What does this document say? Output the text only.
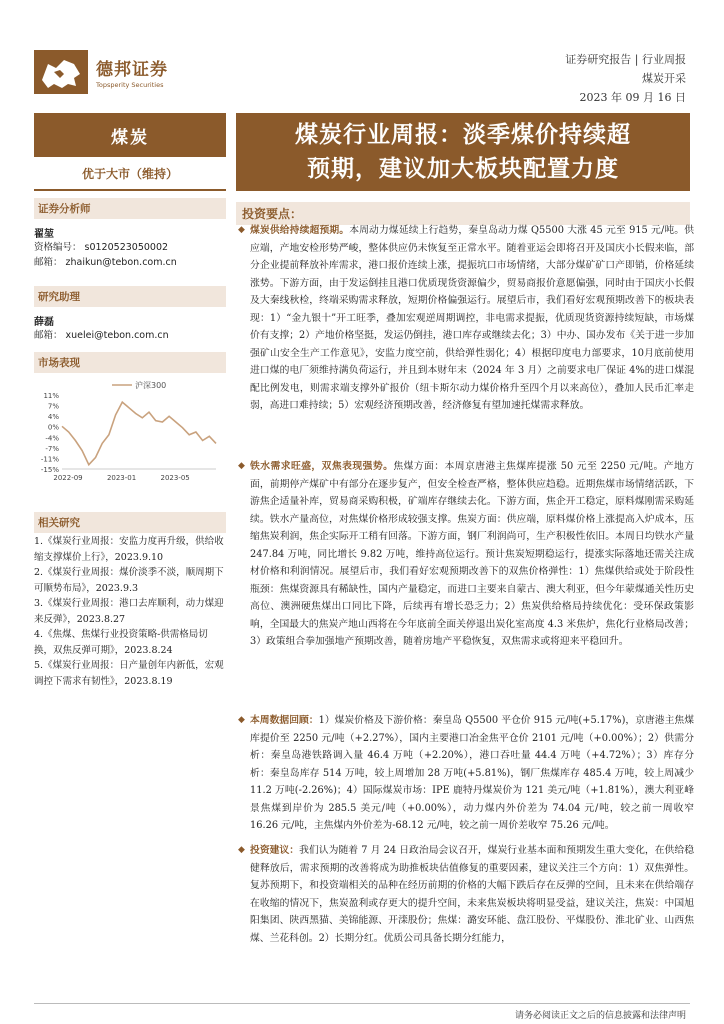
德邦证券
Topsperity Securities
证券研究报告 | 行业周报
煤炭开采
2023 年 09 月 16 日
煤炭
优于大市（维持）
证券分析师
翟堃
资格编号： s0120523050002
邮箱： zhaikun@tebon.com.cn
研究助理
薛磊
邮箱： xuelei@tebon.com.cn
市场表现
11%
7%
4%
0%
-4%
-7%
-11%
-15%
2022-09	2023-01	2023-05
沪深300
相关研究
1.《煤炭行业周报：安监力度再升级，供给收缩支撑煤价上行》，2023.9.10
2.《煤炭行业周报：煤价淡季不淡，顺周期下可顺势布局》，2023.9.3
3.《煤炭行业周报：港口去库顺利，动力煤迎来反弹》，2023.8.27
4.《焦煤、焦煤行业投资策略-供需格局切换，双焦反弹可期》，2023.8.24
5.《煤炭行业周报：日产量创年内新低，宏观调控下需求有韧性》，2023.8.19
煤炭行业周报：淡季煤价持续超
预期，建议加大板块配置力度
投资要点：
◆ 煤炭供给持续超预期。本周动力煤延续上行趋势，秦皇岛动力煤 Q5500 大涨 45 元至 915 元/吨。供应端，产地安检形势严峻，整体供应仍未恢复至正常水平。随着亚运会即将召开及国庆小长假来临，部分企业提前释放补库需求，港口报价连续上涨，提振坑口市场情绪，大部分煤矿矿口产即销，价格延续涨势。下游方面，由于发运倒挂且港口优质现货资源偏少，贸易商报价意愿偏强，同时由于国庆小长假及大秦线秋检，终端采购需求释放，短期价格偏强运行。展望后市，我们看好宏观预期改善下的板块表现：1）“金九银十”开工旺季，叠加宏观逆周期调控，非电需求提振，优质现货资源持续短缺，市场煤价有支撑；2）产地价格坚挺，发运仍倒挂，港口库存或继续去化；3）中办、国办发布《关于进一步加强矿山安全生产工作意见》，安监力度空前，供给弹性弱化；4）根据印度电力部要求，10月底前使用进口煤的电厂须维持满负荷运行，并且到本财年末（2024 年 3 月）之前要求电厂保证 4%的进口煤混配比例发电，则需求端支撑外矿报价（纽卡斯尔动力煤价格升至四个月以来高位），叠加人民币汇率走弱，高进口难持续；5）宏观经济预期改善，经济修复有望加速托煤需求释放。
◆ 铁水需求旺盛，双焦表现强势。焦煤方面：本周京唐港主焦煤库提涨 50 元至 2250 元/吨。产地方面，前期停产煤矿中有部分在逐步复产，但安全检查严格，整体供应趋稳。近期焦煤市场情绪活跃，下游焦企适量补库，贸易商采购积极，矿端库存继续去化。下游方面，焦企开工稳定，原料煤刚需采购延续。铁水产量高位，对焦煤价格形成较强支撑。焦炭方面：供应端，原料煤价格上涨提高入炉成本，压缩焦炭利润，焦企实际开工稍有回落。下游方面，钢厂利润尚可，生产积极性依旧。本周日均铁水产量 247.84 万吨，同比增长 9.82 万吨，维持高位运行。预计焦炭短期稳运行，提涨实际落地还需关注成材价格和利润情况。展望后市，我们看好宏观预期改善下的双焦价格弹性：1）焦煤供给或处于阶段性瓶颈：焦煤资源具有稀缺性，国内产量稳定，而进口主要来自蒙古、澳大利亚，但今年蒙煤通关性历史高位、澳洲硬焦煤出口同比下降，后续再有增长恐乏力；2）焦炭供给格局持续优化：受环保政策影响，全国最大的焦炭产地山西将在今年底前全面关停退出炭化室高度 4.3 米焦炉，焦化行业格局改善；3）政策组合拳加强地产预期改善，随着房地产平稳恢复，双焦需求或将迎来平稳回升。
◆ 本周数据回顾：1）煤炭价格及下游价格：秦皇岛 Q5500 平仓价 915 元/吨(+5.17%)，京唐港主焦煤库提价至 2250 元/吨（+2.27%），国内主要港口冶金焦平仓价 2101 元/吨（+0.00%）；2）供需分析：秦皇岛港铁路调入量 46.4 万吨（+2.20%），港口吞吐量 44.4 万吨（+4.72%）；3）库存分析：秦皇岛库存 514 万吨，较上周增加 28 万吨(+5.81%)，钢厂焦煤库存 485.4 万吨，较上周减少 11.2 万吨(-2.26%)；4）国际煤炭市场：IPE 鹿特丹煤炭价为 121 美元/吨（+1.81%），澳大利亚峰景焦煤到岸价为 285.5 美元/吨（+0.00%），动力煤内外价差为 74.04 元/吨，较之前一周收窄 16.26 元/吨，主焦煤内外价差为-68.12 元/吨，较之前一周价差收窄 75.26 元/吨。
◆ 投资建议：我们认为随着 7 月 24 日政治局会议召开，煤炭行业基本面和预期发生重大变化，在供给稳健释放后，需求预期的改善将成为助推板块估值修复的重要因素，建议关注三个方向：1）双焦弹性。复苏预期下，和投资端相关的品种在经历前期的价格的大幅下跌后存在反弹的空间，且未来在供给端存在收缩的情况下，焦炭盈利或存更大的提升空间，未来焦炭板块将明显受益，建议关注，焦炭：中国旭阳集团、陕西黑猫、美锦能源、开滦股份；焦煤：潞安环能、盘江股份、平煤股份、淮北矿业、山西焦煤、兰花科创。2）长期分红。优质公司具备长期分红能力，
请务必阅读正文之后的信息披露和法律声明
